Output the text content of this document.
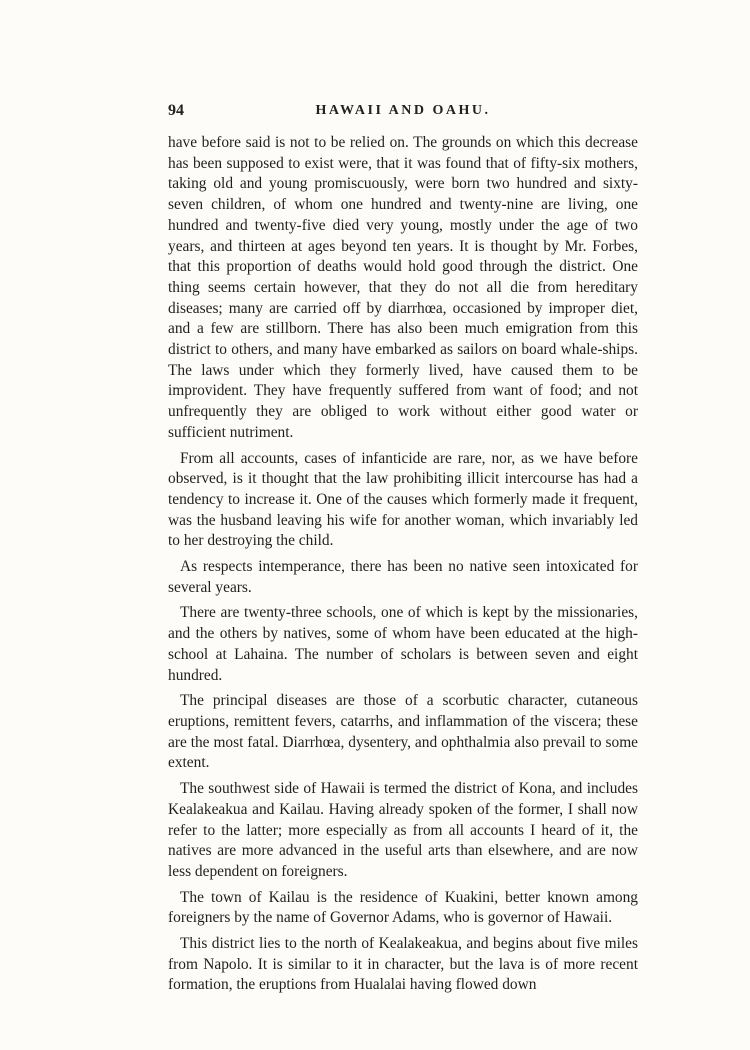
94	HAWAII AND OAHU.

have before said is not to be relied on. The grounds on which this decrease has been supposed to exist were, that it was found that of fifty-six mothers, taking old and young promiscuously, were born two hundred and sixty-seven children, of whom one hundred and twenty-nine are living, one hundred and twenty-five died very young, mostly under the age of two years, and thirteen at ages beyond ten years. It is thought by Mr. Forbes, that this proportion of deaths would hold good through the district. One thing seems certain however, that they do not all die from hereditary diseases; many are carried off by diarrhœa, occasioned by improper diet, and a few are stillborn. There has also been much emigration from this district to others, and many have embarked as sailors on board whale-ships. The laws under which they formerly lived, have caused them to be improvident. They have frequently suffered from want of food; and not unfrequently they are obliged to work without either good water or sufficient nutriment.

From all accounts, cases of infanticide are rare, nor, as we have before observed, is it thought that the law prohibiting illicit intercourse has had a tendency to increase it. One of the causes which formerly made it frequent, was the husband leaving his wife for another woman, which invariably led to her destroying the child.

As respects intemperance, there has been no native seen intoxicated for several years.

There are twenty-three schools, one of which is kept by the missionaries, and the others by natives, some of whom have been educated at the high-school at Lahaina. The number of scholars is between seven and eight hundred.

The principal diseases are those of a scorbutic character, cutaneous eruptions, remittent fevers, catarrhs, and inflammation of the viscera; these are the most fatal. Diarrhœa, dysentery, and ophthalmia also prevail to some extent.

The southwest side of Hawaii is termed the district of Kona, and includes Kealakeakua and Kailau. Having already spoken of the former, I shall now refer to the latter; more especially as from all accounts I heard of it, the natives are more advanced in the useful arts than elsewhere, and are now less dependent on foreigners.

The town of Kailau is the residence of Kuakini, better known among foreigners by the name of Governor Adams, who is governor of Hawaii.

This district lies to the north of Kealakeakua, and begins about five miles from Napolo. It is similar to it in character, but the lava is of more recent formation, the eruptions from Hualalai having flowed down
